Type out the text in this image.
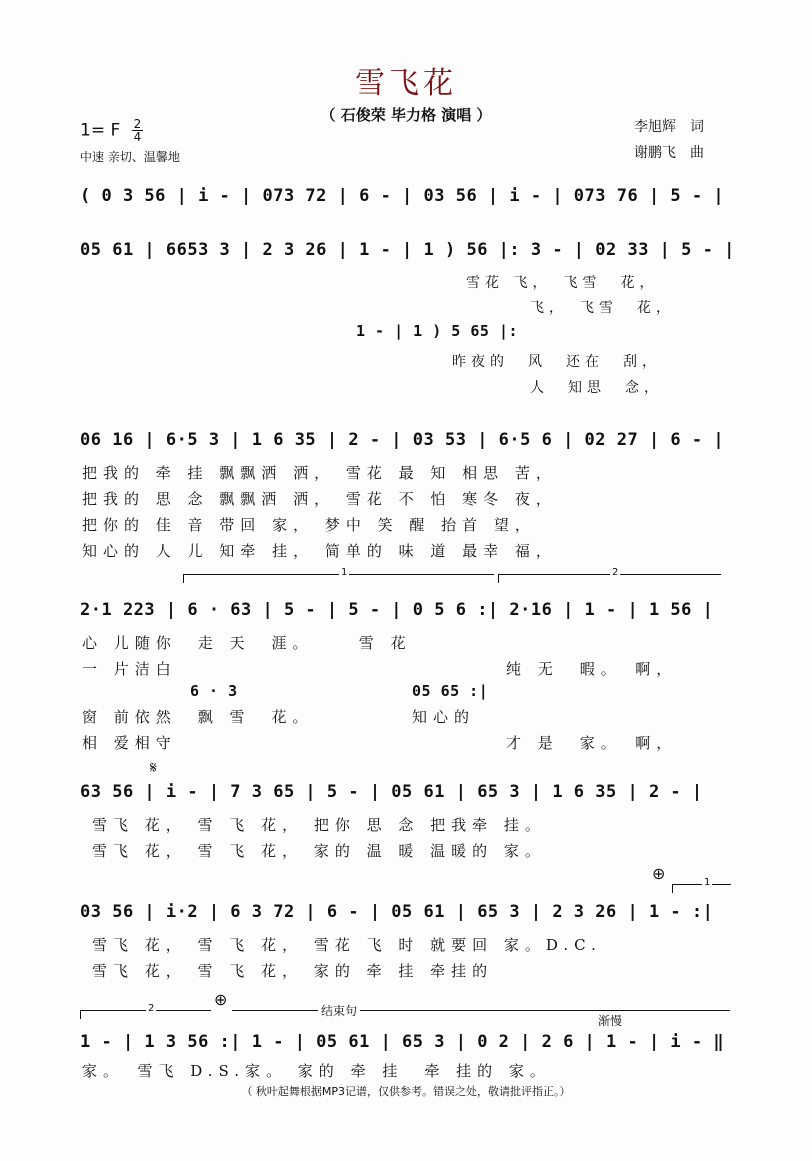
雪飞花
（ 石俊荣 毕力格 演唱 ）
1= F $\frac{2}{4}$
中速 亲切、温馨地
李旭辉　词
谢鹏飞　曲
( 0 3 56 | i - | 073 72 | 6 - | 03 56 | i - | 073 76 | 5 - |
05 61 | 6653 3 | 2 3 26 | 1 - | 1 ) 56 |: 3 - | 02 33 | 5 - |
雪花 飞，　飞雪　花，
飞，　飞雪　花，
1 - | 1 ) 5 65 |:
昨夜的　风　还在　刮，
人　知思　念，
06 16 | 6·5 3 | 1 6 35 | 2 - | 03 53 | 6·5 6 | 02 27 | 6 - |
把我的 牵 挂 飘飘洒 洒， 雪花 最 知 相思 苦，
把我的 思 念 飘飘洒 洒， 雪花 不 怕 寒冬 夜，
把你的 佳 音 带回 家， 梦中 笑 醒 抬首 望，
知心的 人 儿 知牵 挂， 简单的 味 道 最幸 福，
1	2
2·1 223 | 6 · 63 | 5 - | 5 - | 0 5 6 :| 2·16 | 1 - | 1 56 |
心 儿随你　走 天　涯。　　 雪 花
一 片洁白	纯 无　暇。　啊，
6 · 3	05 65 :|
窗 前依然　飘 雪　花。	知心的
相 爱相守	才 是　家。　啊，
𝄋
63 56 | i - | 7 3 65 | 5 - | 05 61 | 65 3 | 1 6 35 | 2 - |
雪飞 花， 雪 飞 花， 把你 思 念 把我牵 挂。
雪飞 花， 雪 飞 花， 家的 温 暖 温暖的 家。
⊕	1
03 56 | i·2 | 6 3 72 | 6 - | 05 61 | 65 3 | 2 3 26 | 1 - :|
雪飞 花， 雪 飞 花， 雪花 飞 时 就要回 家。D.C.
雪飞 花， 雪 飞 花， 家的 牵 挂 牵挂的
2	⊕
结束句
渐慢
1 - | 1 3 56 :| 1 - | 05 61 | 65 3 | 0 2 | 2 6 | 1 - | i - ‖
家。　雪飞 D.S.家。 家的 牵 挂　牵 挂的 家。
（ 秋叶起舞根据MP3记谱，仅供参考。错误之处，敬请批评指正。）
